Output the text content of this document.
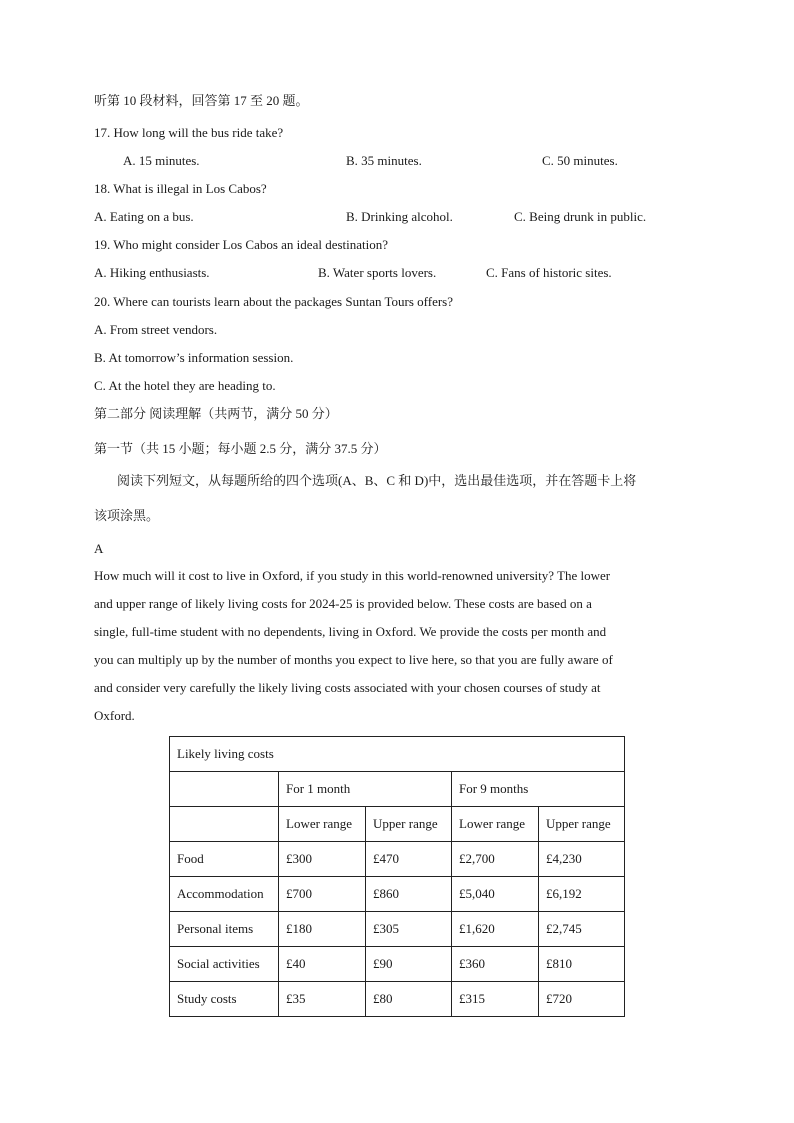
听第 10 段材料，回答第 17 至 20 题。
17. How long will the bus ride take?
A. 15 minutes.	B. 35 minutes.	C. 50 minutes.
18. What is illegal in Los Cabos?
A. Eating on a bus.	B. Drinking alcohol.	C. Being drunk in public.
19. Who might consider Los Cabos an ideal destination?
A. Hiking enthusiasts.	B. Water sports lovers.	C. Fans of historic sites.
20. Where can tourists learn about the packages Suntan Tours offers?
A. From street vendors.
B. At tomorrow’s information session.
C. At the hotel they are heading to.
第二部分 阅读理解（共两节，满分 50 分）
第一节（共 15 小题；每小题 2.5 分，满分 37.5 分）
阅读下列短文，从每题所给的四个选项(A、B、C 和 D)中，选出最佳选项，并在答题卡上将
该项涂黑。
A
How much will it cost to live in Oxford, if you study in this world-renowned university? The lower
and upper range of likely living costs for 2024-25 is provided below. These costs are based on a
single, full-time student with no dependents, living in Oxford. We provide the costs per month and
you can multiply up by the number of months you expect to live here, so that you are fully aware of
and consider very carefully the likely living costs associated with your chosen courses of study at
Oxford.
Likely living costs				
	For 1 month		For 9 months	
	Lower range	Upper range	Lower range	Upper range
Food	£300	£470	£2,700	£4,230
Accommodation	£700	£860	£5,040	£6,192
Personal items	£180	£305	£1,620	£2,745
Social activities	£40	£90	£360	£810
Study costs	£35	£80	£315	£720
